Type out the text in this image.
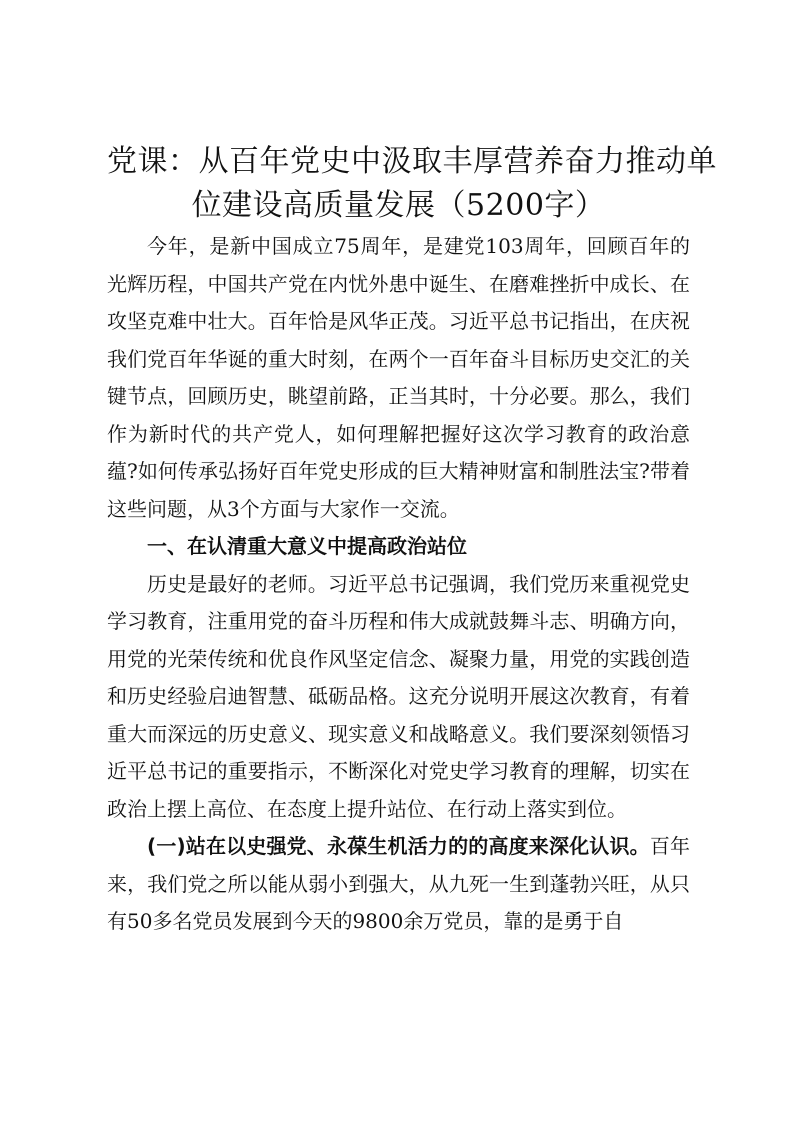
党课：从百年党史中汲取丰厚营养奋力推动单
位建设高质量发展（5200字）

今年，是新中国成立75周年，是建党103周年，回顾百年的光辉历程，中国共产党在内忧外患中诞生、在磨难挫折中成长、在攻坚克难中壮大。百年恰是风华正茂。习近平总书记指出，在庆祝我们党百年华诞的重大时刻，在两个一百年奋斗目标历史交汇的关键节点，回顾历史，眺望前路，正当其时，十分必要。那么，我们作为新时代的共产党人，如何理解把握好这次学习教育的政治意蕴?如何传承弘扬好百年党史形成的巨大精神财富和制胜法宝?带着这些问题，从3个方面与大家作一交流。

一、在认清重大意义中提高政治站位

历史是最好的老师。习近平总书记强调，我们党历来重视党史学习教育，注重用党的奋斗历程和伟大成就鼓舞斗志、明确方向，用党的光荣传统和优良作风坚定信念、凝聚力量，用党的实践创造和历史经验启迪智慧、砥砺品格。这充分说明开展这次教育，有着重大而深远的历史意义、现实意义和战略意义。我们要深刻领悟习近平总书记的重要指示，不断深化对党史学习教育的理解，切实在政治上摆上高位、在态度上提升站位、在行动上落实到位。

(一)站在以史强党、永葆生机活力的的高度来深化认识。百年来，我们党之所以能从弱小到强大，从九死一生到蓬勃兴旺，从只有50多名党员发展到今天的9800余万党员，靠的是勇于自
